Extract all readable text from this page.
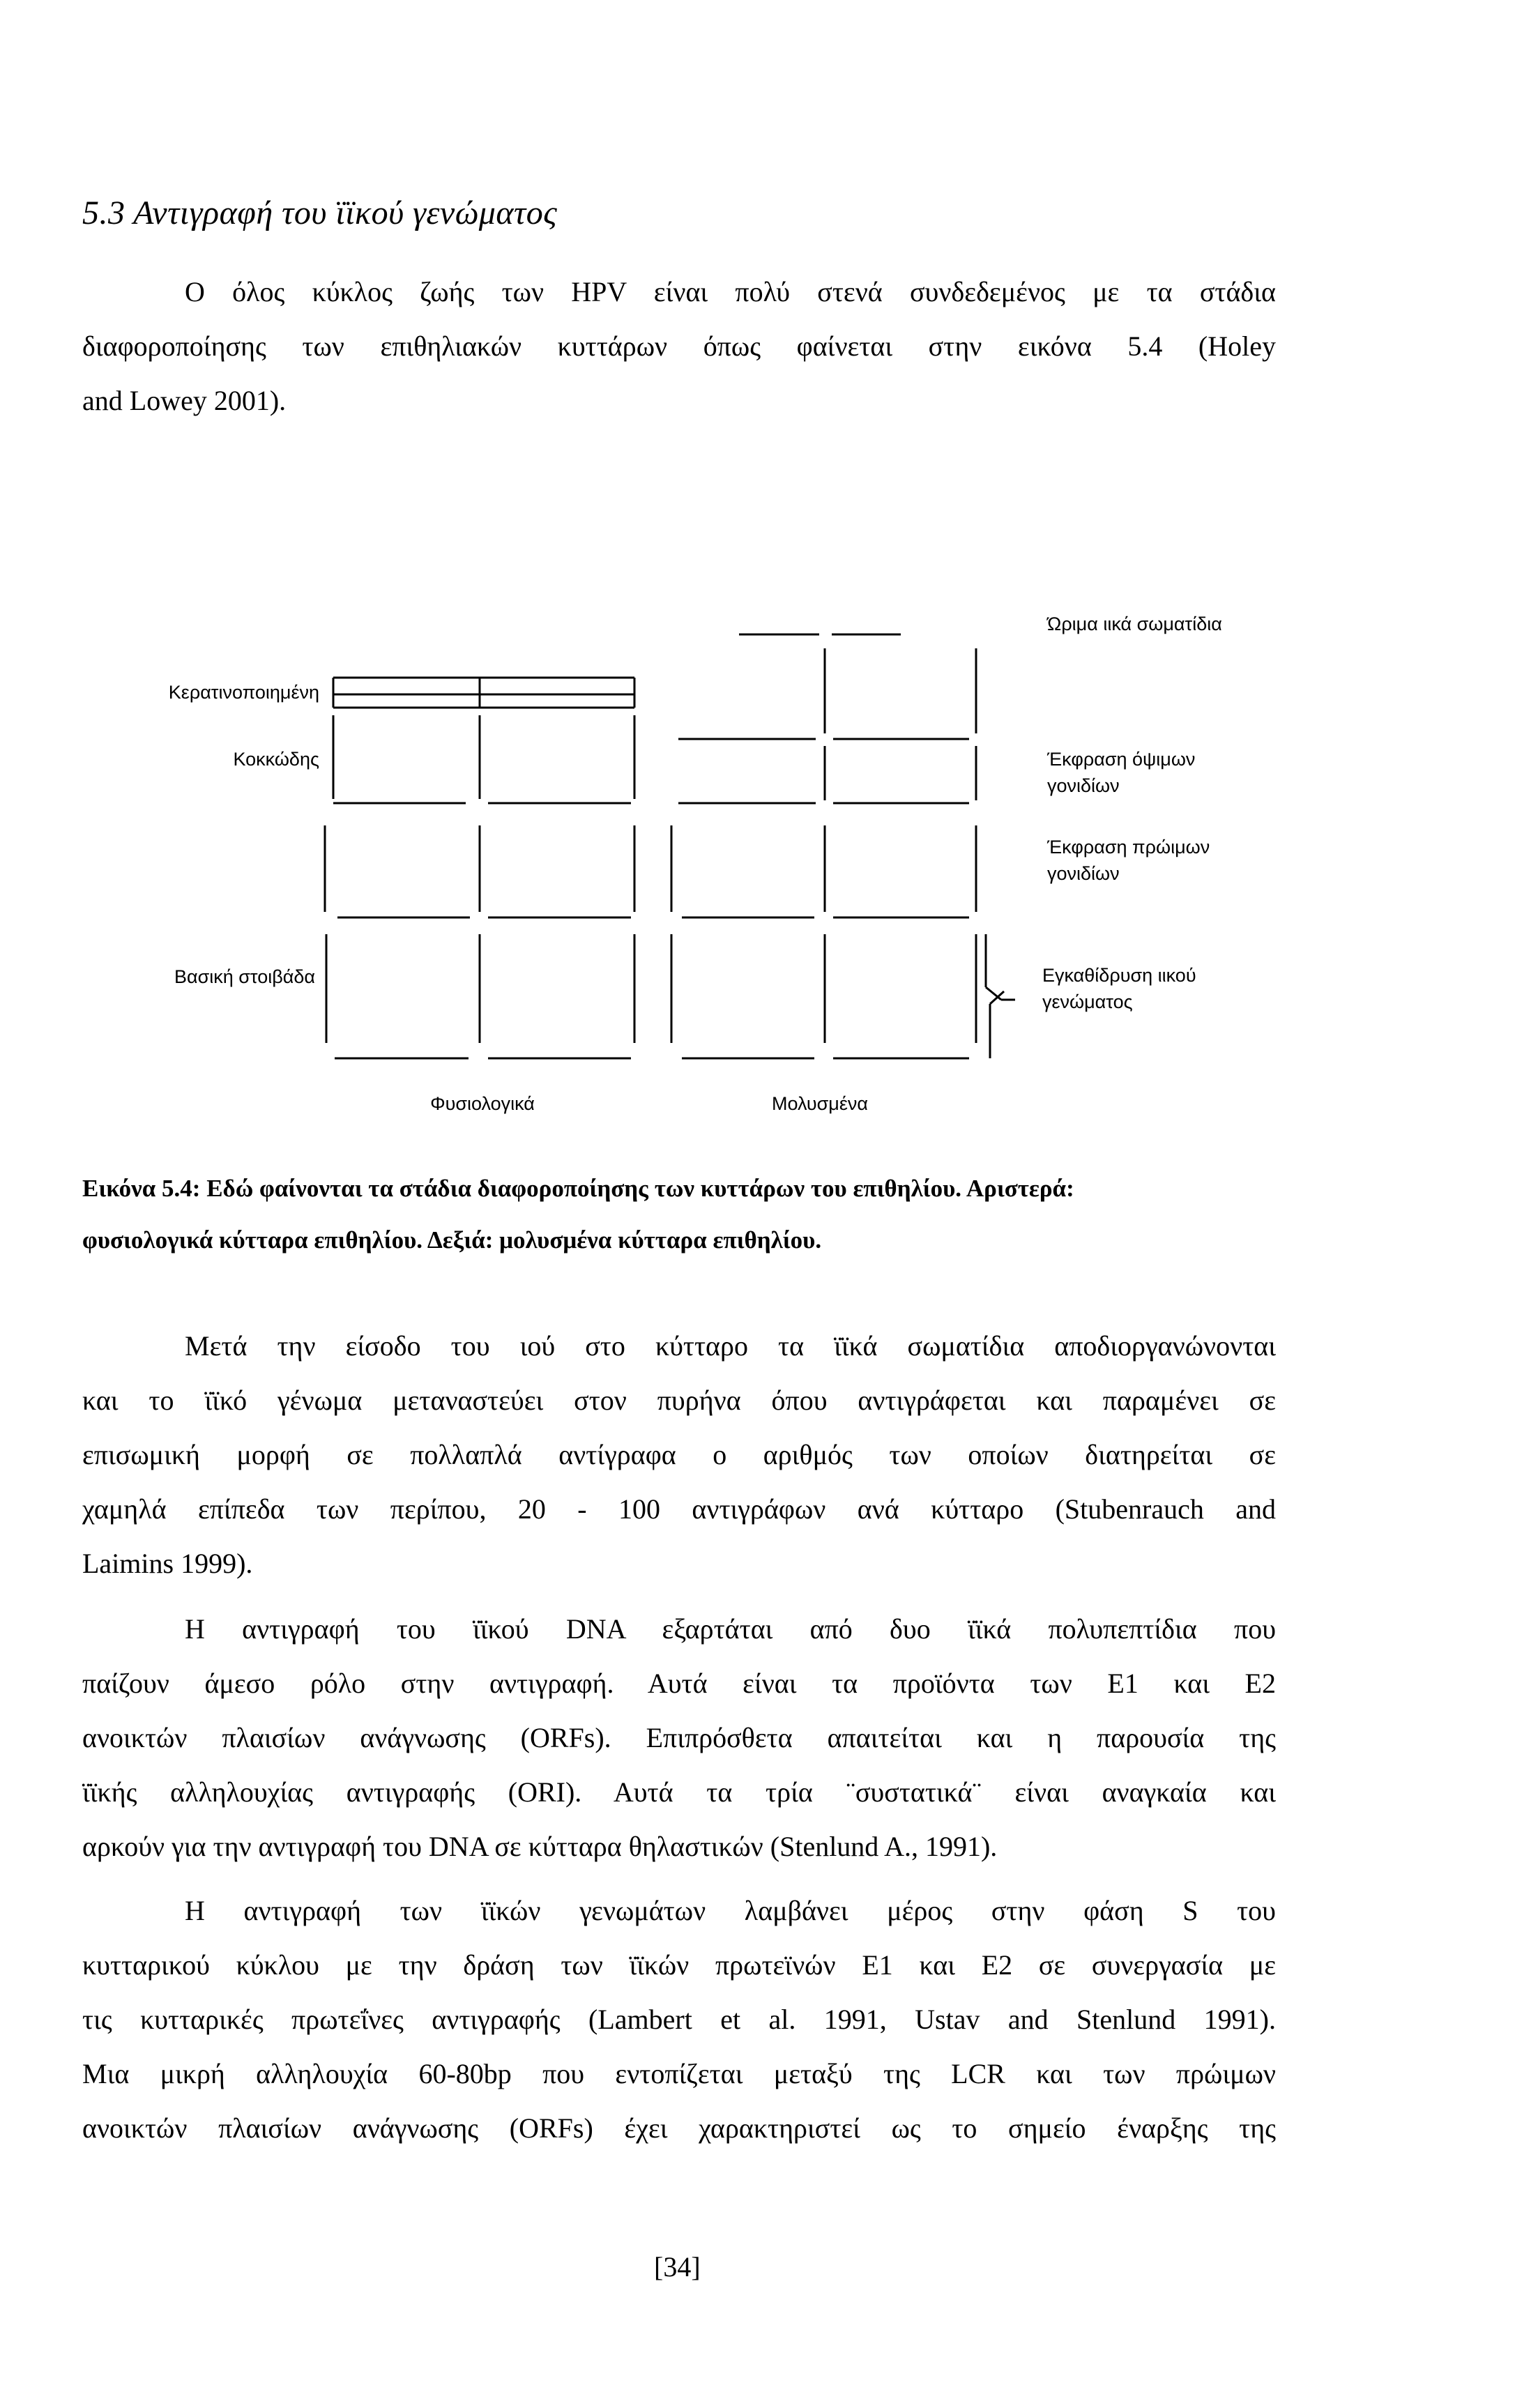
5.3 Αντιγραφή του ϊϊκού γενώματος
Ο όλος κύκλος ζωής των HPV είναι πολύ στενά συνδεδεμένος με τα στάδια
διαφοροποίησης των επιθηλιακών κυττάρων όπως φαίνεται στην εικόνα 5.4 (Holey
and Lowey 2001).
Κερατινοποιημένη
Κοκκώδης
Βασική στοιβάδα
Ώριμα ιικά σωματίδια
Έκφραση όψιμων
γονιδίων
Έκφραση πρώιμων
γονιδίων
Εγκαθίδρυση ιικού
γενώματος
Φυσιολογικά	Μολυσμένα
Εικόνα 5.4: Εδώ φαίνονται τα στάδια διαφοροποίησης των κυττάρων του επιθηλίου. Αριστερά:
φυσιολογικά κύτταρα επιθηλίου. Δεξιά: μολυσμένα κύτταρα επιθηλίου.
Μετά την είσοδο του ιού στο κύτταρο τα ϊϊκά σωματίδια αποδιοργανώνονται
και το ϊϊκό γένωμα μεταναστεύει στον πυρήνα όπου αντιγράφεται και παραμένει σε
επισωμική μορφή σε πολλαπλά αντίγραφα ο αριθμός των οποίων διατηρείται σε
χαμηλά επίπεδα των περίπου, 20 - 100 αντιγράφων ανά κύτταρο (Stubenrauch and
Laimins 1999).
Η αντιγραφή του ϊϊκού DNA εξαρτάται από δυο ϊϊκά πολυπεπτίδια που
παίζουν άμεσο ρόλο στην αντιγραφή. Αυτά είναι τα προϊόντα των E1 και E2
ανοικτών πλαισίων ανάγνωσης (ORFs). Επιπρόσθετα απαιτείται και η παρουσία της
ϊϊκής αλληλουχίας αντιγραφής (ORI). Αυτά τα τρία ¨συστατικά¨ είναι αναγκαία και
αρκούν για την αντιγραφή του DNA σε κύτταρα θηλαστικών (Stenlund A., 1991).
Η αντιγραφή των ϊϊκών γενωμάτων λαμβάνει μέρος στην φάση S του
κυτταρικού κύκλου με την δράση των ϊϊκών πρωτεϊνών E1 και E2 σε συνεργασία με
τις κυτταρικές πρωτεΐνες αντιγραφής (Lambert et al. 1991, Ustav and Stenlund 1991).
Μια μικρή αλληλουχία 60-80bp που εντοπίζεται μεταξύ της LCR και των πρώιμων
ανοικτών πλαισίων ανάγνωσης (ORFs) έχει χαρακτηριστεί ως το σημείο έναρξης της
[34]
